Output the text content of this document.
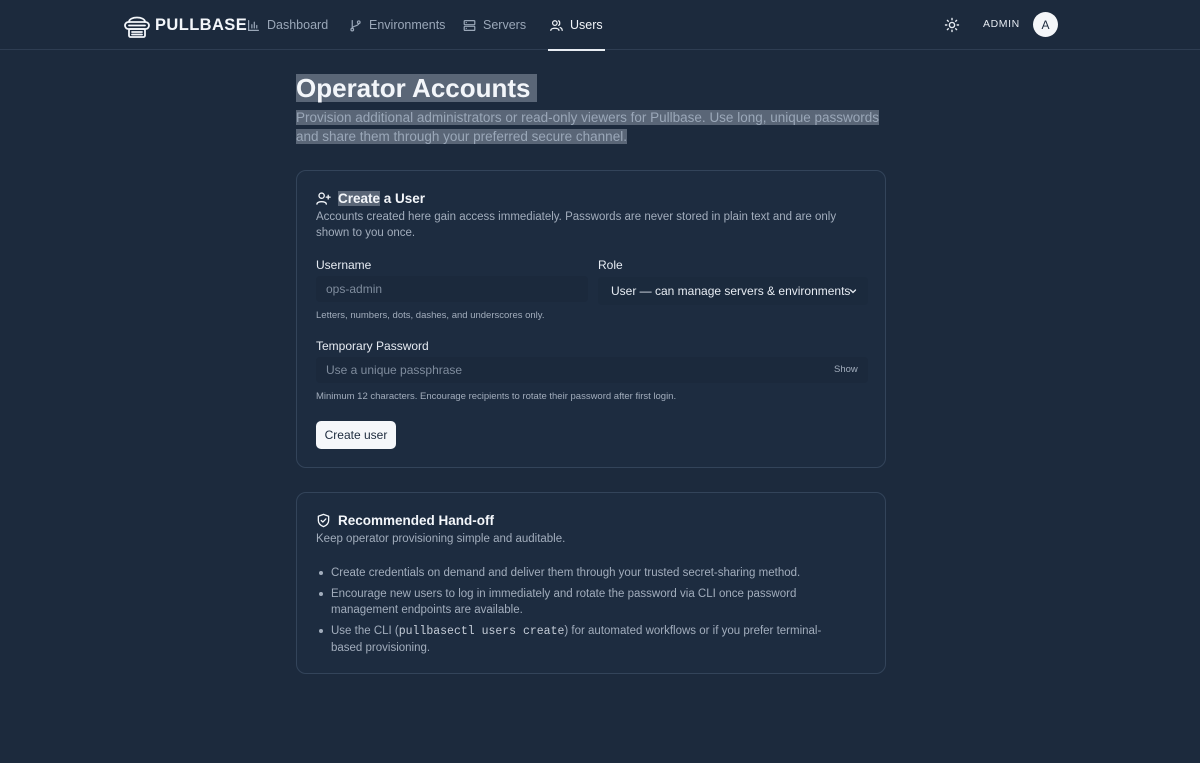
PULLBASE Dashboard	Environments	Servers	Users	ADMIN	A
Operator Accounts

Provision additional administrators or read-only viewers for Pullbase. Use long, unique passwords and share them through your preferred secure channel.

Create a User

Accounts created here gain access immediately. Passwords are never stored in plain text and are only shown to you once.

Username
ops-admin
Letters, numbers, dots, dashes, and underscores only.
Role
User — can manage servers & environments
Temporary Password
Show
Minimum 12 characters. Encourage recipients to rotate their password after first login.
Create user
Recommended Hand-off

Keep operator provisioning simple and auditable.

Create credentials on demand and deliver them through your trusted secret-sharing method.
Encourage new users to log in immediately and rotate the password via CLI once password management endpoints are available.
Use the CLI (pullbasectl users create) for automated workflows or if you prefer terminal-based provisioning.
